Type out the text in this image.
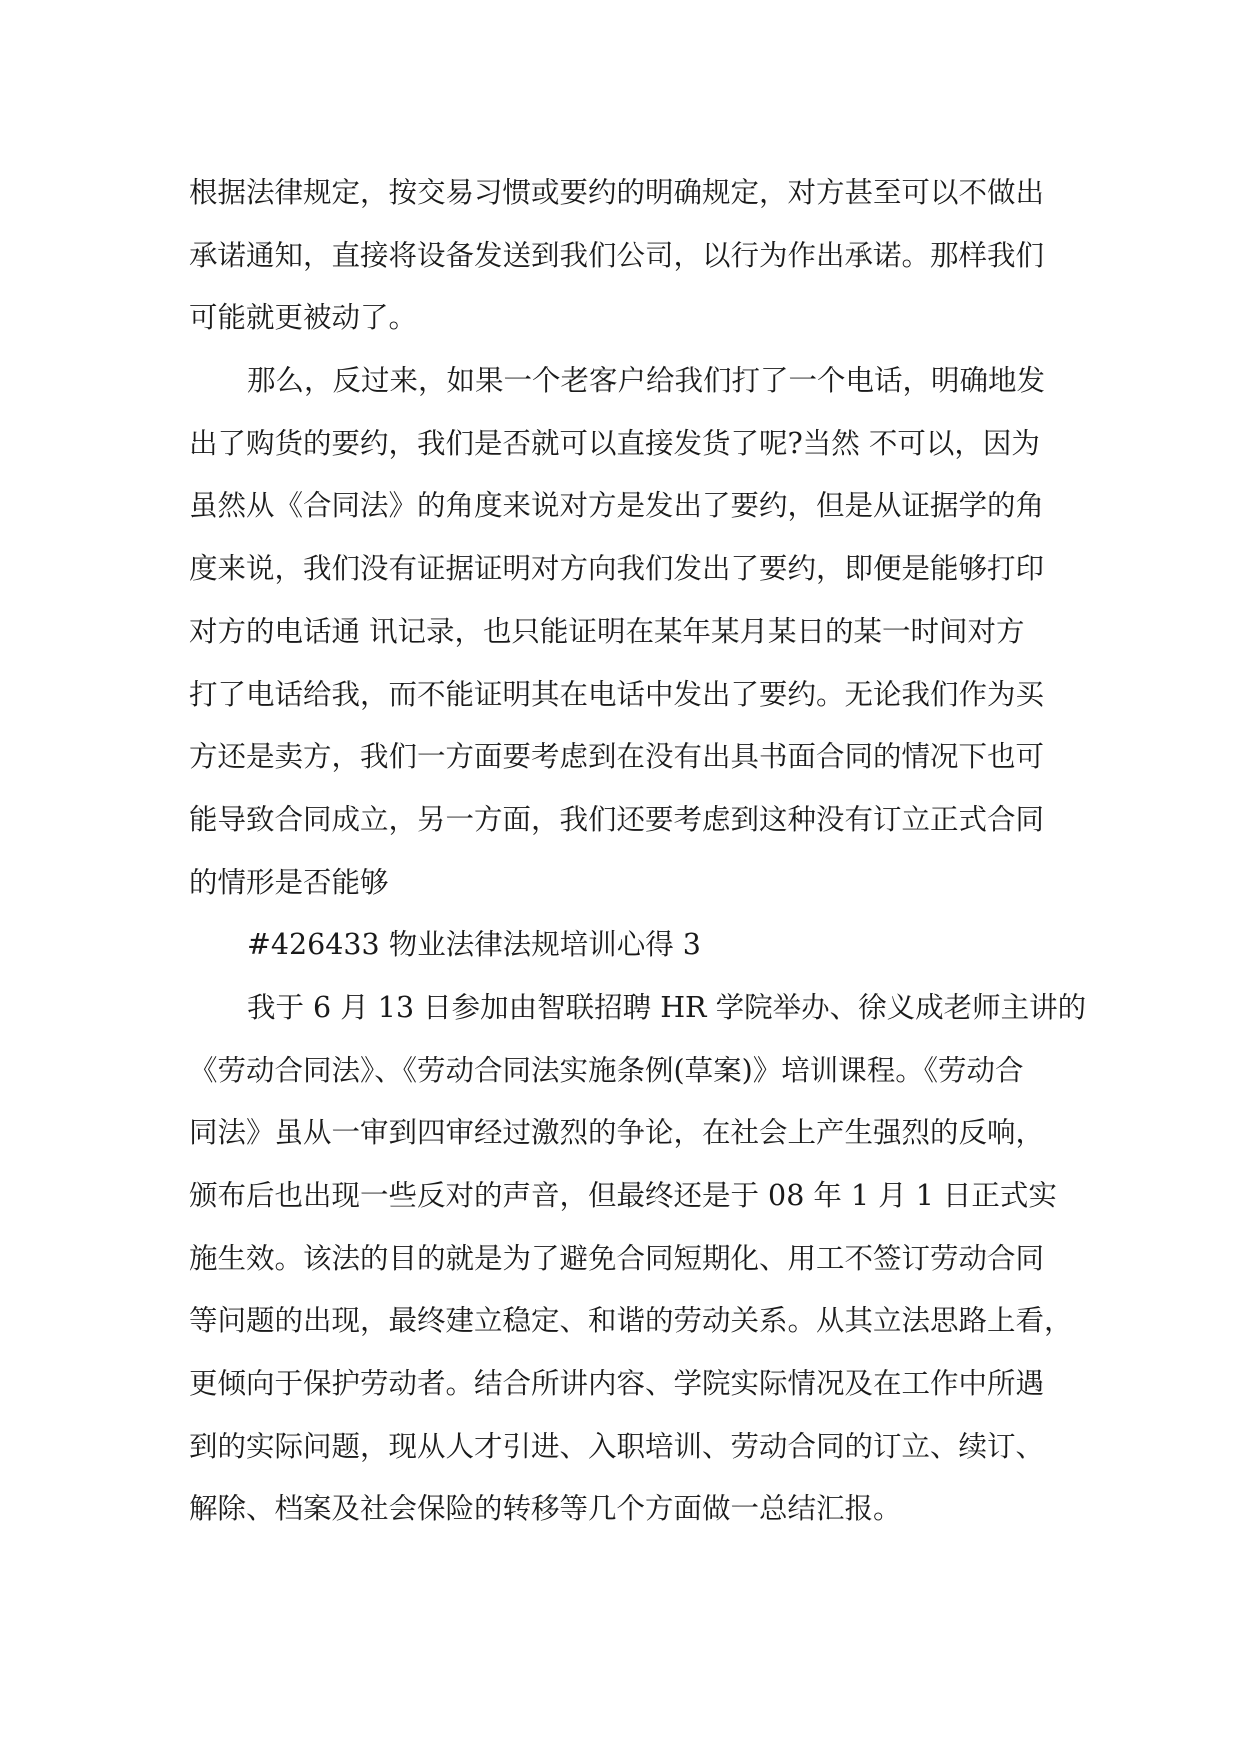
根据法律规定，按交易习惯或要约的明确规定，对方甚至可以不做出
承诺通知，直接将设备发送到我们公司，以行为作出承诺。那样我们
可能就更被动了。
那么，反过来，如果一个老客户给我们打了一个电话，明确地发
出了购货的要约，我们是否就可以直接发货了呢?当然 不可以，因为
虽然从《合同法》的角度来说对方是发出了要约，但是从证据学的角
度来说，我们没有证据证明对方向我们发出了要约，即便是能够打印
对方的电话通 讯记录，也只能证明在某年某月某日的某一时间对方
打了电话给我，而不能证明其在电话中发出了要约。无论我们作为买
方还是卖方，我们一方面要考虑到在没有出具书面合同的情况下也可
能导致合同成立，另一方面，我们还要考虑到这种没有订立正式合同
的情形是否能够
#426433 物业法律法规培训心得 3
我于 6 月 13 日参加由智联招聘 HR 学院举办、徐义成老师主讲的
《劳动合同法》、《劳动合同法实施条例(草案)》培训课程。《劳动合
同法》虽从一审到四审经过激烈的争论，在社会上产生强烈的反响，
颁布后也出现一些反对的声音，但最终还是于 08 年 1 月 1 日正式实
施生效。该法的目的就是为了避免合同短期化、用工不签订劳动合同
等问题的出现，最终建立稳定、和谐的劳动关系。从其立法思路上看，
更倾向于保护劳动者。结合所讲内容、学院实际情况及在工作中所遇
到的实际问题，现从人才引进、入职培训、劳动合同的订立、续订、
解除、档案及社会保险的转移等几个方面做一总结汇报。
